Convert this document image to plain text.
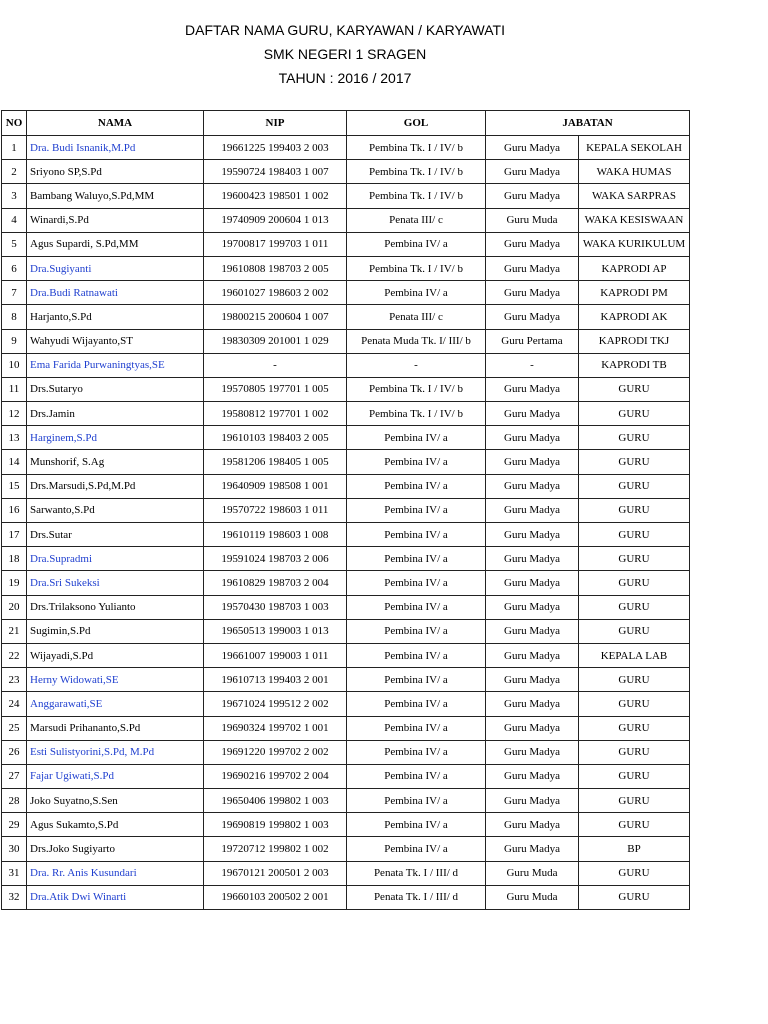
DAFTAR NAMA GURU, KARYAWAN / KARYAWATI
SMK NEGERI 1 SRAGEN
TAHUN : 2016 / 2017
NO	NAMA	NIP	GOL	JABATAN	
1	Dra. Budi Isnanik,M.Pd	19661225 199403 2 003	Pembina Tk. I / IV/ b	Guru Madya	KEPALA SEKOLAH
2	Sriyono SP,S.Pd	19590724 198403 1 007	Pembina Tk. I / IV/ b	Guru Madya	WAKA HUMAS
3	Bambang Waluyo,S.Pd,MM	19600423 198501 1 002	Pembina Tk. I / IV/ b	Guru Madya	WAKA SARPRAS
4	Winardi,S.Pd	19740909 200604 1 013	Penata III/ c	Guru Muda	WAKA KESISWAAN
5	Agus Supardi, S.Pd,MM	19700817 199703 1 011	Pembina IV/ a	Guru Madya	WAKA KURIKULUM
6	Dra.Sugiyanti	19610808 198703 2 005	Pembina Tk. I / IV/ b	Guru Madya	KAPRODI AP
7	Dra.Budi Ratnawati	19601027 198603 2 002	Pembina IV/ a	Guru Madya	KAPRODI PM
8	Harjanto,S.Pd	19800215 200604 1 007	Penata III/ c	Guru Madya	KAPRODI AK
9	Wahyudi Wijayanto,ST	19830309 201001 1 029	Penata Muda Tk. I/ III/ b	Guru Pertama	KAPRODI TKJ
10	Ema Farida Purwaningtyas,SE	-	-	-	KAPRODI TB
11	Drs.Sutaryo	19570805 197701 1 005	Pembina Tk. I / IV/ b	Guru Madya	GURU
12	Drs.Jamin	19580812 197701 1 002	Pembina Tk. I / IV/ b	Guru Madya	GURU
13	Harginem,S.Pd	19610103 198403 2 005	Pembina IV/ a	Guru Madya	GURU
14	Munshorif, S.Ag	19581206 198405 1 005	Pembina IV/ a	Guru Madya	GURU
15	Drs.Marsudi,S.Pd,M.Pd	19640909 198508 1 001	Pembina IV/ a	Guru Madya	GURU
16	Sarwanto,S.Pd	19570722 198603 1 011	Pembina IV/ a	Guru Madya	GURU
17	Drs.Sutar	19610119 198603 1 008	Pembina IV/ a	Guru Madya	GURU
18	Dra.Supradmi	19591024 198703 2 006	Pembina IV/ a	Guru Madya	GURU
19	Dra.Sri Sukeksi	19610829 198703 2 004	Pembina IV/ a	Guru Madya	GURU
20	Drs.Trilaksono Yulianto	19570430 198703 1 003	Pembina IV/ a	Guru Madya	GURU
21	Sugimin,S.Pd	19650513 199003 1 013	Pembina IV/ a	Guru Madya	GURU
22	Wijayadi,S.Pd	19661007 199003 1 011	Pembina IV/ a	Guru Madya	KEPALA LAB
23	Herny Widowati,SE	19610713 199403 2 001	Pembina IV/ a	Guru Madya	GURU
24	Anggarawati,SE	19671024 199512 2 002	Pembina IV/ a	Guru Madya	GURU
25	Marsudi Prihananto,S.Pd	19690324 199702 1 001	Pembina IV/ a	Guru Madya	GURU
26	Esti Sulistyorini,S.Pd, M.Pd	19691220 199702 2 002	Pembina IV/ a	Guru Madya	GURU
27	Fajar Ugiwati,S.Pd	19690216 199702 2 004	Pembina IV/ a	Guru Madya	GURU
28	Joko Suyatno,S.Sen	19650406 199802 1 003	Pembina IV/ a	Guru Madya	GURU
29	Agus Sukamto,S.Pd	19690819 199802 1 003	Pembina IV/ a	Guru Madya	GURU
30	Drs.Joko Sugiyarto	19720712 199802 1 002	Pembina IV/ a	Guru Madya	BP
31	Dra. Rr. Anis Kusundari	19670121 200501 2 003	Penata Tk. I / III/ d	Guru Muda	GURU
32	Dra.Atik Dwi Winarti	19660103 200502 2 001	Penata Tk. I / III/ d	Guru Muda	GURU
